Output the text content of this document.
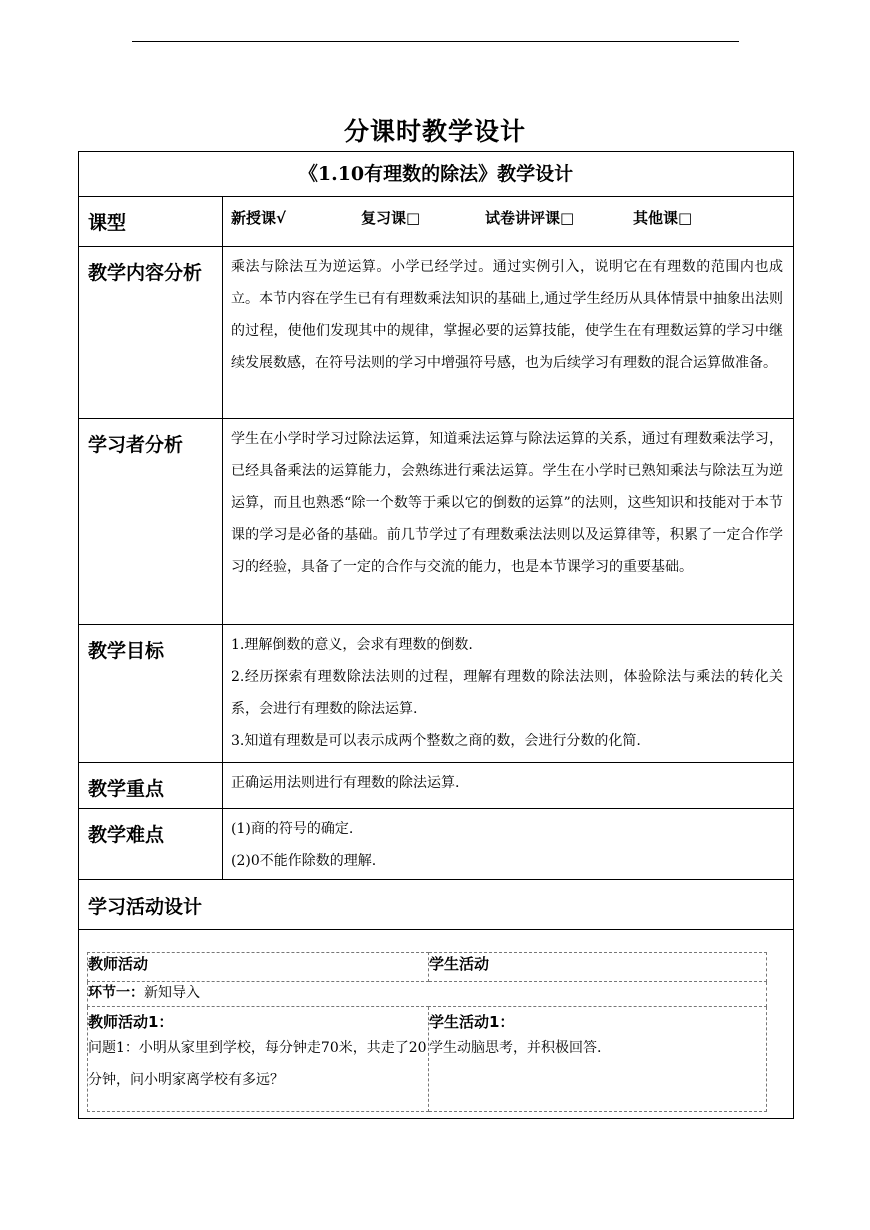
分课时教学设计
《1.10有理数的除法》教学设计
课型	新授课√	复习课□	试卷讲评课□	其他课□
教学内容分析	乘法与除法互为逆运算。小学已经学过。通过实例引入，说明它在有理数的范围内也成立。本节内容在学生已有有理数乘法知识的基础上,通过学生经历从具体情景中抽象出法则的过程，使他们发现其中的规律，掌握必要的运算技能，使学生在有理数运算的学习中继续发展数感，在符号法则的学习中增强符号感，也为后续学习有理数的混合运算做准备。

学习者分析	学生在小学时学习过除法运算，知道乘法运算与除法运算的关系，通过有理数乘法学习，已经具备乘法的运算能力，会熟练进行乘法运算。学生在小学时已熟知乘法与除法互为逆运算，而且也熟悉“除一个数等于乘以它的倒数的运算”的法则，这些知识和技能对于本节课的学习是必备的基础。前几节学过了有理数乘法法则以及运算律等，积累了一定合作学习的经验，具备了一定的合作与交流的能力，也是本节课学习的重要基础。

教学目标	1.理解倒数的意义，会求有理数的倒数.

2.经历探索有理数除法法则的过程，理解有理数的除法法则，体验除法与乘法的转化关系，会进行有理数的除法运算.

3.知道有理数是可以表示成两个整数之商的数，会进行分数的化简.

教学重点	正确运用法则进行有理数的除法运算.

教学难点	(1)商的符号的确定.

(2)0不能作除数的理解.

学习活动设计

教师活动	学生活动
环节一：新知导入

教师活动1：

问题1：小明从家里到学校，每分钟走70米，共走了20分钟，问小明家离学校有多远？

学生活动1：

学生动脑思考，并积极回答.
